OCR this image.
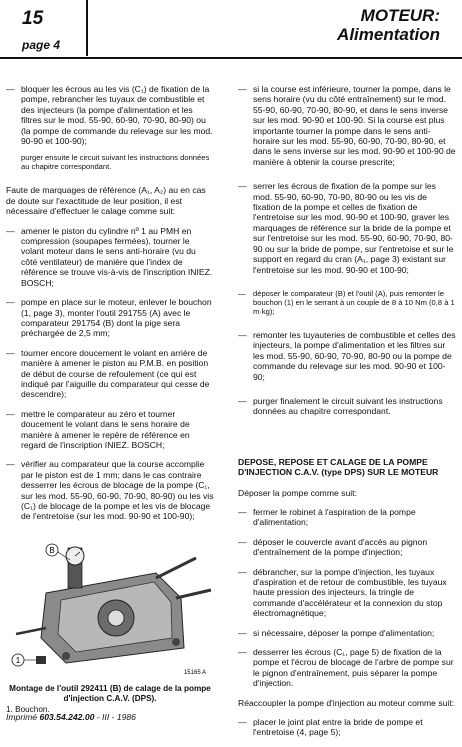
15
page 4
MOTEUR:
Alimentation
— bloquer les écrous au les vis (C₁) de fixation de la pompe, rebrancher les tuyaux de combustible et des injecteurs (la pompe d'alimentation et les filtres sur le mod. 55-90, 60-90, 70-90, 80-90) ou (la pompe de commande du relevage sur les mod. 90-90 et 100-90);
purger ensuite le circuit suivant les instructions données au chapitre correspondant.
Faute de marquages de référence (A₁, A₂) au en cas de doute sur l'exactitude de leur position, il est nécessaire d'effectuer le calage comme suit:
— amener le piston du cylindre nº 1 au PMH en compression (soupapes fermées), tourner le volant moteur dans le sens anti-horaire (vu du côté ventilateur) de manière que l'index de référence se trouve vis-à-vis de l'inscription INIEZ. BOSCH;
— pompe en place sur le moteur, enlever le bouchon (1, page 3), monter l'outil 291755 (A) avec le comparateur 291754 (B) dont la pige sera préchargée de 2,5 mm;
— tourner encore doucement le volant en arrière de manière à amener le piston au P.M.B. en position de début de course de refoulement (ce qui est indiqué par l'aiguille du comparateur qui cesse de descendre);
— mettre le comparateur au zéro et tourner doucement le volant dans le sens horaire de manière à amener le repère de référence en regard de l'inscription INIEZ. BOSCH;
— vérifier au comparateur que la course accomplie par le piston est de 1 mm; dans le cas contraire desserrer les écrous de blocage de la pompe (C₁, sur les mod. 55-90, 60-90, 70-90, 80-90) ou les vis (C₁) de blocage de la pompe et les vis de blocage de l'entretoise (sur les mod. 90-90 et 100-90);
B
1
15165 A
Montage de l'outil 292411 (B) de calage de la pompe d'injection C.A.V. (DPS).
1. Bouchon.
— si la course est inférieure, tourner la pompe, dans le sens horaire (vu du côté entraînement) sur le mod. 55-90, 60-90, 70-90, 80-90, et dans le sens inverse sur les mod. 90-90 et 100-90. Si la course est plus importante tourner la pompe dans le sens anti-horaire sur les mod. 55-90, 60-90, 70-90, 80-90, et dans le sens inverse sur les mod. 90-90 et 100-90 de manière à obtenir la course prescrite;
— serrer les écrous de fixation de la pompe sur les mod. 55-90, 60-90, 70-90, 80-90 ou les vis de fixation de la pompe et celles de fixation de l'entretoise sur les mod. 90-90 et 100-90, graver les marquages de référence sur la bride de la pompe et sur l'entretoise sur les mod. 55-90, 60-90, 70-90, 80-90 ou sur la bride de pompe, sur l'entretoise et sur le support en regard du cran (A₁, page 3) existant sur l'entretoise sur les mod. 90-90 et 100-90;
— déposer le comparateur (B) et l'outil (A), puis remonter le bouchon (1) en le serrant à un couple de 8 à 10 Nm (0,8 à 1 m·kg);
— remonter les tuyauteries de combustible et celles des injecteurs, la pompe d'alimentation et les filtres sur les mod. 55-90, 60-90, 70-90, 80-90 ou la pompe de commande du relevage sur les mod. 90-90 et 100-90;
— purger finalement le circuit suivant les instructions données au chapitre correspondant.
DEPOSE, REPOSE ET CALAGE DE LA POMPE D'INJECTION C.A.V. (type DPS) SUR LE MOTEUR
Déposer la pompe comme suit:
— fermer le robinet à l'aspiration de la pompe d'alimentation;
— déposer le couvercle avant d'accès au pignon d'entraînement de la pompe d'injection;
— débrancher, sur la pompe d'injection, les tuyaux d'aspiration et de retour de combustible, les tuyaux haute pression des injecteurs, la tringle de commande d'accélérateur et la connexion du stop électromagnétique;
— si nécessaire, déposer la pompe d'alimentation;
— desserrer les écrous (C₁, page 5) de fixation de la pompe et l'écrou de blocage de l'arbre de pompe sur le pignon d'entraînement, puis séparer la pompe d'injection.
Réaccoupler la pompe d'injection au moteur comme suit:
— placer le joint plat entre la bride de pompe et l'entretoise (4, page 5);
Imprimé 603.54.242.00 - III - 1986
